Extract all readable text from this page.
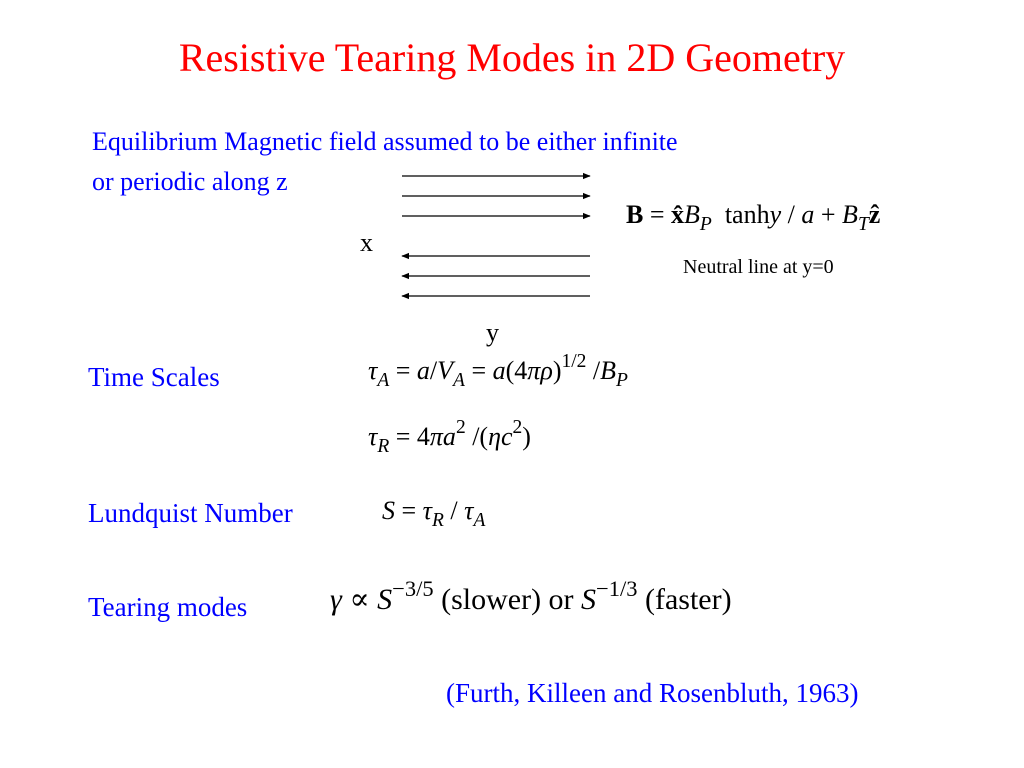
Resistive Tearing Modes in 2D Geometry
Equilibrium Magnetic field assumed to be either infinite
or periodic along z
x
y
$B = x̂B_P$  $\tanh y / a + B_Tẑ$
Neutral line at y=0
Time Scales	$\tau_A = a/V_A = a(4\pi\rho)^{1/2}$ $/B_P$
$\tau_R = 4\pi a^2$ $/(\eta c^2)$
Lundquist Number	$S = \tau_R / \tau_A$
Tearing modes	$\gamma \propto S^{-3/5}$ (slower) or $S^{-1/3}$ (faster)
(Furth, Killeen and Rosenbluth, 1963)
